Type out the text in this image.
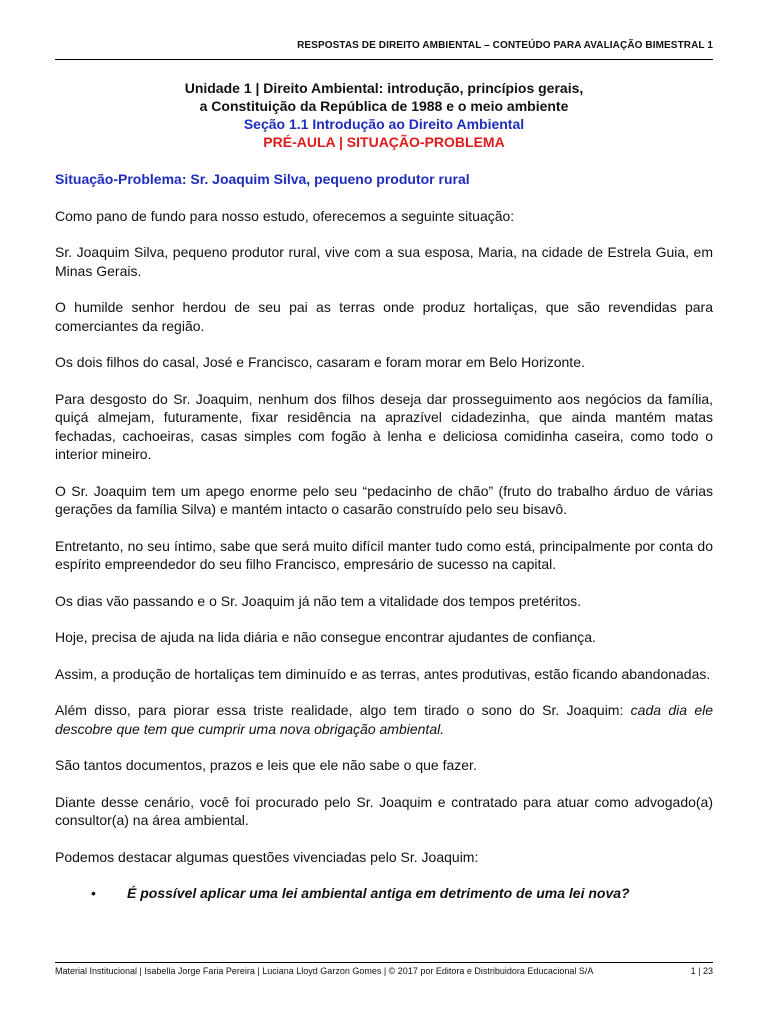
RESPOSTAS DE DIREITO AMBIENTAL – CONTEÚDO PARA AVALIAÇÃO BIMESTRAL 1
Unidade 1 | Direito Ambiental: introdução, princípios gerais,
a Constituição da República de 1988 e o meio ambiente
Seção 1.1 Introdução ao Direito Ambiental
PRÉ-AULA | SITUAÇÃO-PROBLEMA

Situação-Problema: Sr. Joaquim Silva, pequeno produtor rural

Como pano de fundo para nosso estudo, oferecemos a seguinte situação:

Sr. Joaquim Silva, pequeno produtor rural, vive com a sua esposa, Maria, na cidade de Estrela Guia, em Minas Gerais.

O humilde senhor herdou de seu pai as terras onde produz hortaliças, que são revendidas para comerciantes da região.

Os dois filhos do casal, José e Francisco, casaram e foram morar em Belo Horizonte.

Para desgosto do Sr. Joaquim, nenhum dos filhos deseja dar prosseguimento aos negócios da família, quiçá almejam, futuramente, fixar residência na aprazível cidadezinha, que ainda mantém matas fechadas, cachoeiras, casas simples com fogão à lenha e deliciosa comidinha caseira, como todo o interior mineiro.

O Sr. Joaquim tem um apego enorme pelo seu “pedacinho de chão” (fruto do trabalho árduo de várias gerações da família Silva) e mantém intacto o casarão construído pelo seu bisavô.

Entretanto, no seu íntimo, sabe que será muito difícil manter tudo como está, principalmente por conta do espírito empreendedor do seu filho Francisco, empresário de sucesso na capital.

Os dias vão passando e o Sr. Joaquim já não tem a vitalidade dos tempos pretéritos.

Hoje, precisa de ajuda na lida diária e não consegue encontrar ajudantes de confiança.

Assim, a produção de hortaliças tem diminuído e as terras, antes produtivas, estão ficando abandonadas.

Além disso, para piorar essa triste realidade, algo tem tirado o sono do Sr. Joaquim: cada dia ele descobre que tem que cumprir uma nova obrigação ambiental.

São tantos documentos, prazos e leis que ele não sabe o que fazer.

Diante desse cenário, você foi procurado pelo Sr. Joaquim e contratado para atuar como advogado(a) consultor(a) na área ambiental.

Podemos destacar algumas questões vivenciadas pelo Sr. Joaquim:

• É possível aplicar uma lei ambiental antiga em detrimento de uma lei nova?
Material Institucional | Isabella Jorge Faria Pereira | Luciana Lloyd Garzon Gomes | © 2017 por Editora e Distribuidora Educacional S/A	1 | 23
